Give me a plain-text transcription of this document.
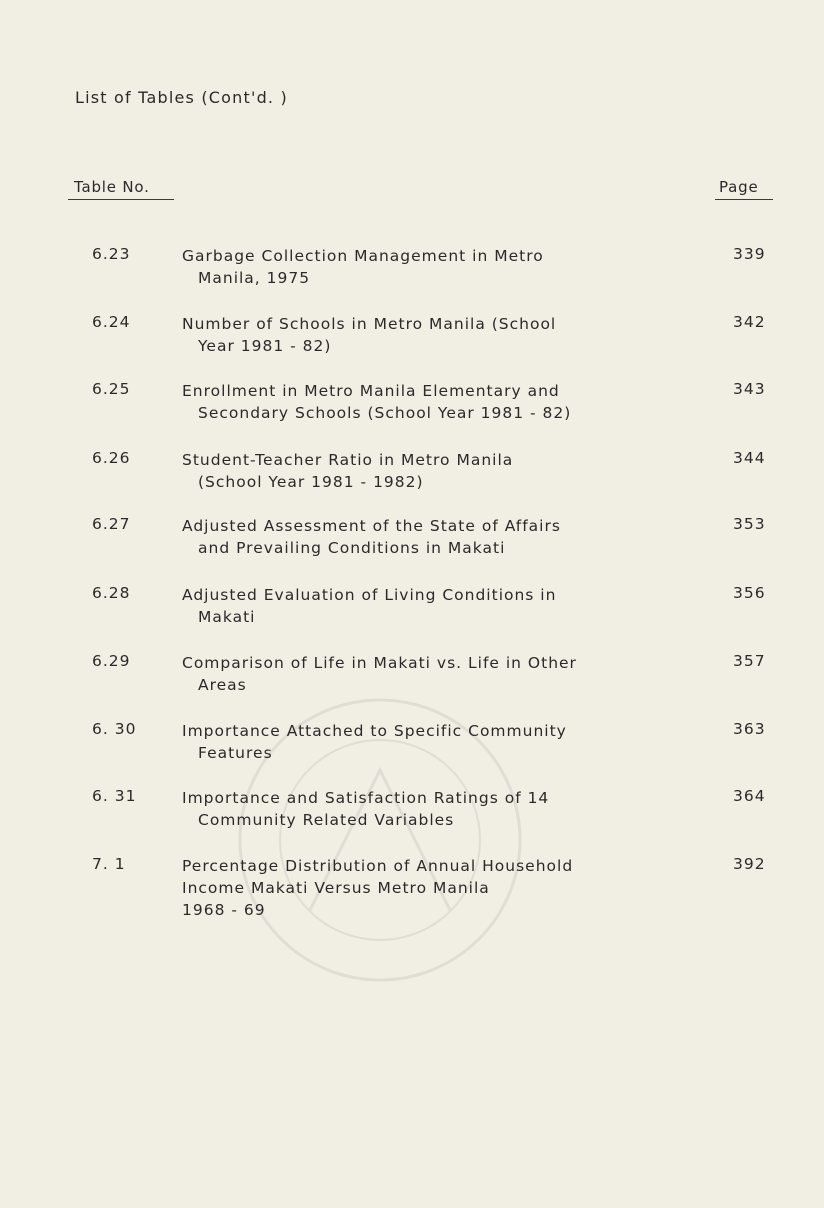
List of Tables (Cont'd. )
Table No.	Page
6.23	Garbage Collection Management in Metro
Manila, 1975
339
6.24	Number of Schools in Metro Manila (School
Year 1981 - 82)
342
6.25	Enrollment in Metro Manila Elementary and
Secondary Schools (School Year 1981 - 82)
343
6.26	Student-Teacher Ratio in Metro Manila
(School Year 1981 - 1982)
344
6.27	Adjusted Assessment of the State of Affairs
and Prevailing Conditions in Makati
353
6.28	Adjusted Evaluation of Living Conditions in
Makati
356
6.29	Comparison of Life in Makati vs. Life in Other
Areas
357
6. 30	Importance Attached to Specific Community
Features
363
6. 31	Importance and Satisfaction Ratings of 14
Community Related Variables
364
7. 1	Percentage Distribution of Annual Household
Income Makati Versus Metro Manila
1968 - 69
392
